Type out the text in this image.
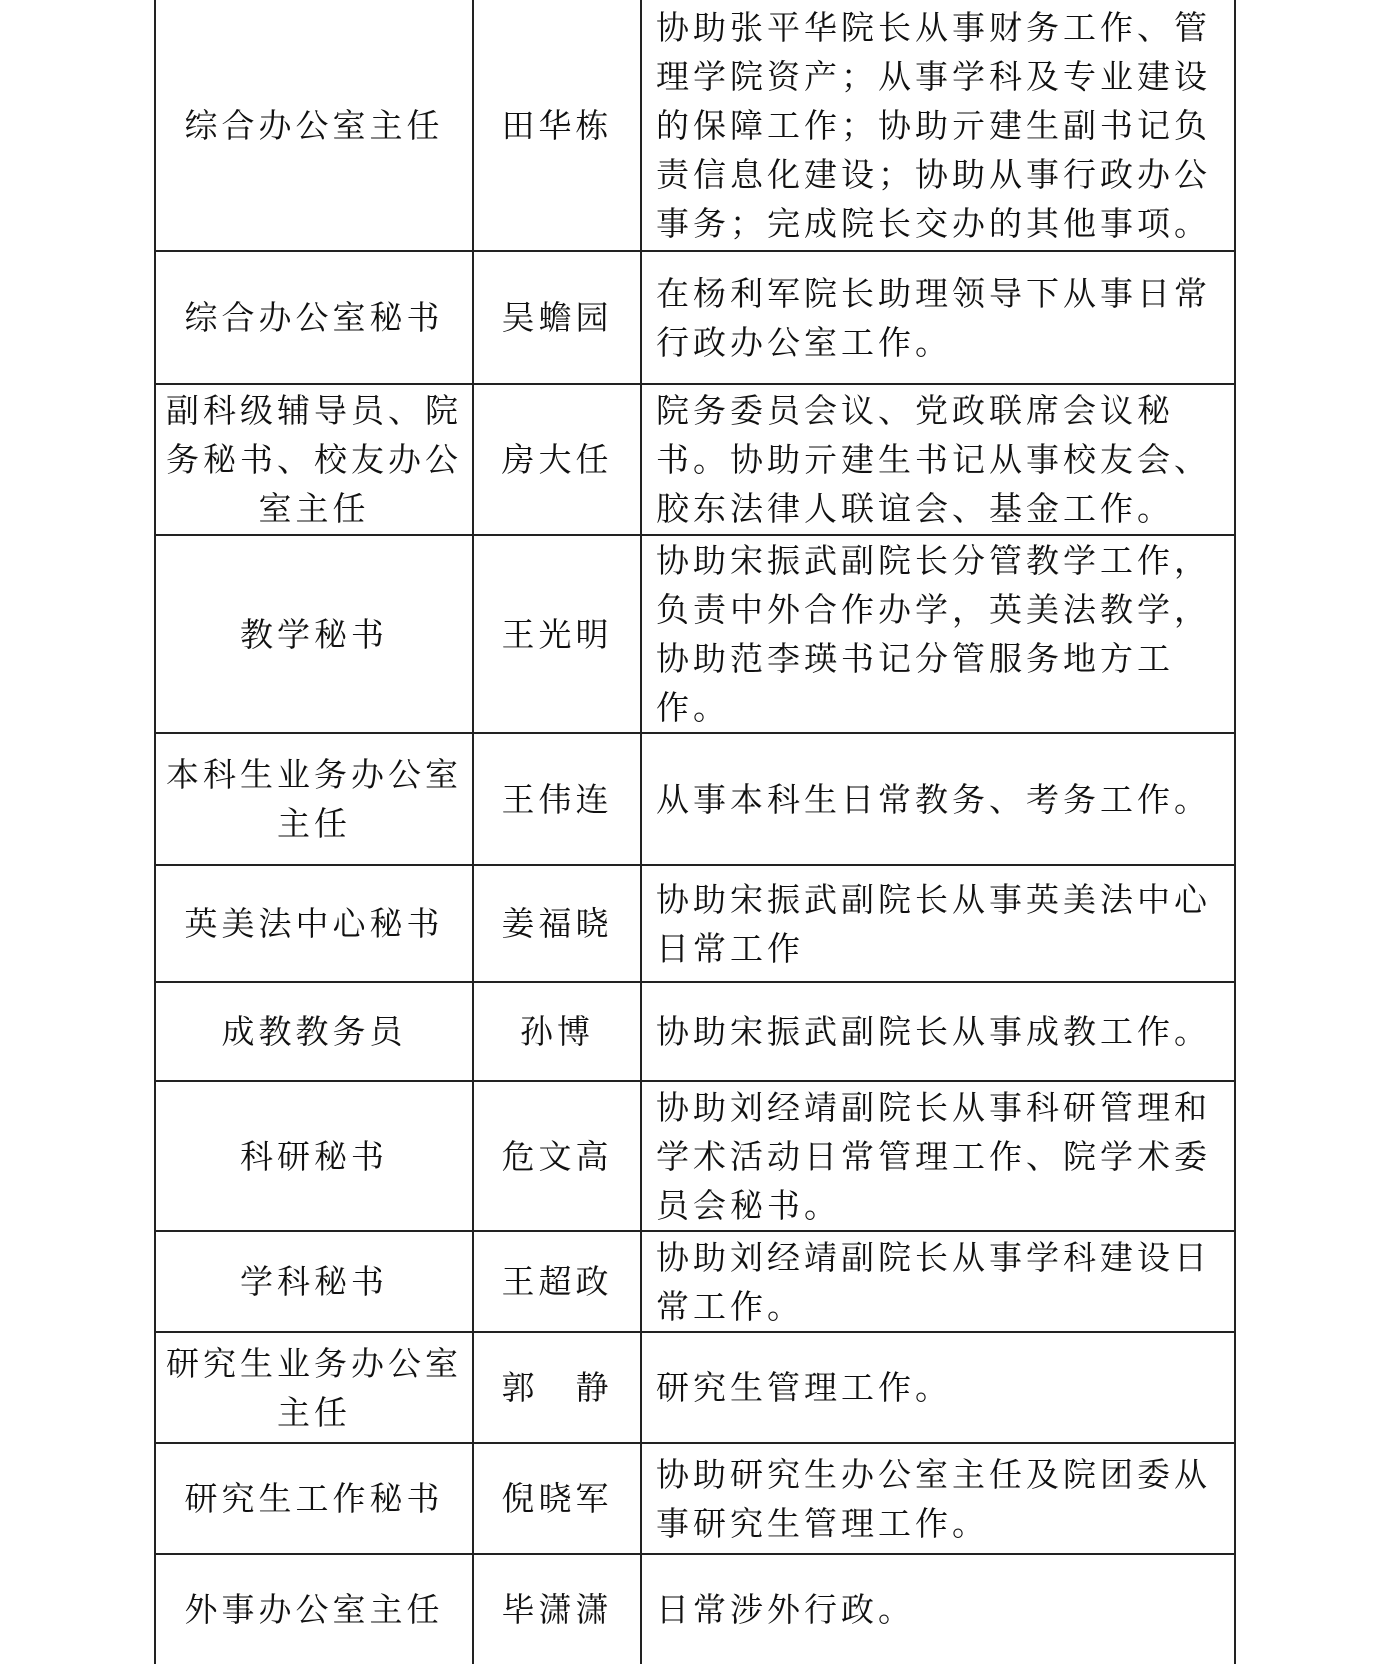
综合办公室主任	田华栋	协助张平华院长从事财务工作、管理学院资产；从事学科及专业建设的保障工作；协助亓建生副书记负责信息化建设；协助从事行政办公事务；完成院长交办的其他事项。
综合办公室秘书	吴蟾园	在杨利军院长助理领导下从事日常行政办公室工作。
副科级辅导员、院务秘书、校友办公室主任	房大任	院务委员会议、党政联席会议秘书。协助亓建生书记从事校友会、胶东法律人联谊会、基金工作。
教学秘书	王光明	协助宋振武副院长分管教学工作，负责中外合作办学，英美法教学，协助范李瑛书记分管服务地方工作。
本科生业务办公室主任	王伟连	从事本科生日常教务、考务工作。
英美法中心秘书	姜福晓	协助宋振武副院长从事英美法中心日常工作
成教教务员	孙博	协助宋振武副院长从事成教工作。
科研秘书	危文高	协助刘经靖副院长从事科研管理和学术活动日常管理工作、院学术委员会秘书。
学科秘书	王超政	协助刘经靖副院长从事学科建设日常工作。
研究生业务办公室主任	郭　静	研究生管理工作。
研究生工作秘书	倪晓军	协助研究生办公室主任及院团委从事研究生管理工作。
外事办公室主任	毕潇潇	日常涉外行政。
